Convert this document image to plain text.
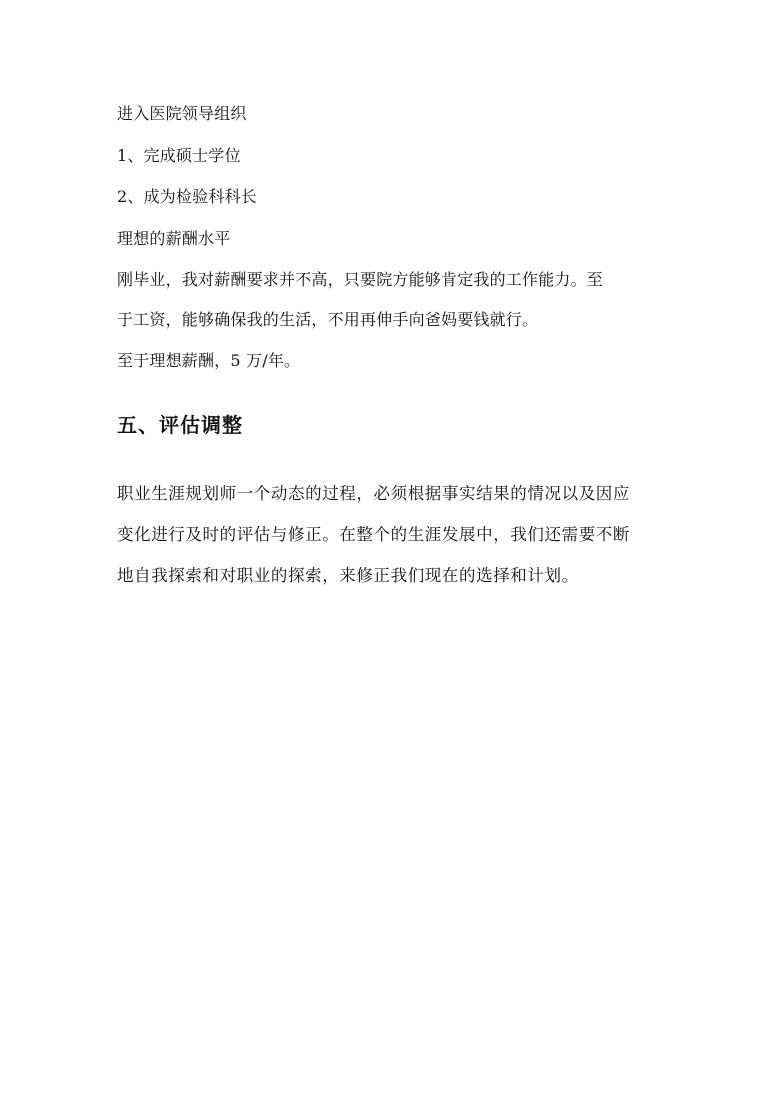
进入医院领导组织
1、完成硕士学位
2、成为检验科科长
理想的薪酬水平
刚毕业，我对薪酬要求并不高，只要院方能够肯定我的工作能力。至
于工资，能够确保我的生活，不用再伸手向爸妈要钱就行。
至于理想薪酬，5 万/年。
五、评估调整
职业生涯规划师一个动态的过程，必须根据事实结果的情况以及因应
变化进行及时的评估与修正。在整个的生涯发展中，我们还需要不断
地自我探索和对职业的探索，来修正我们现在的选择和计划。
